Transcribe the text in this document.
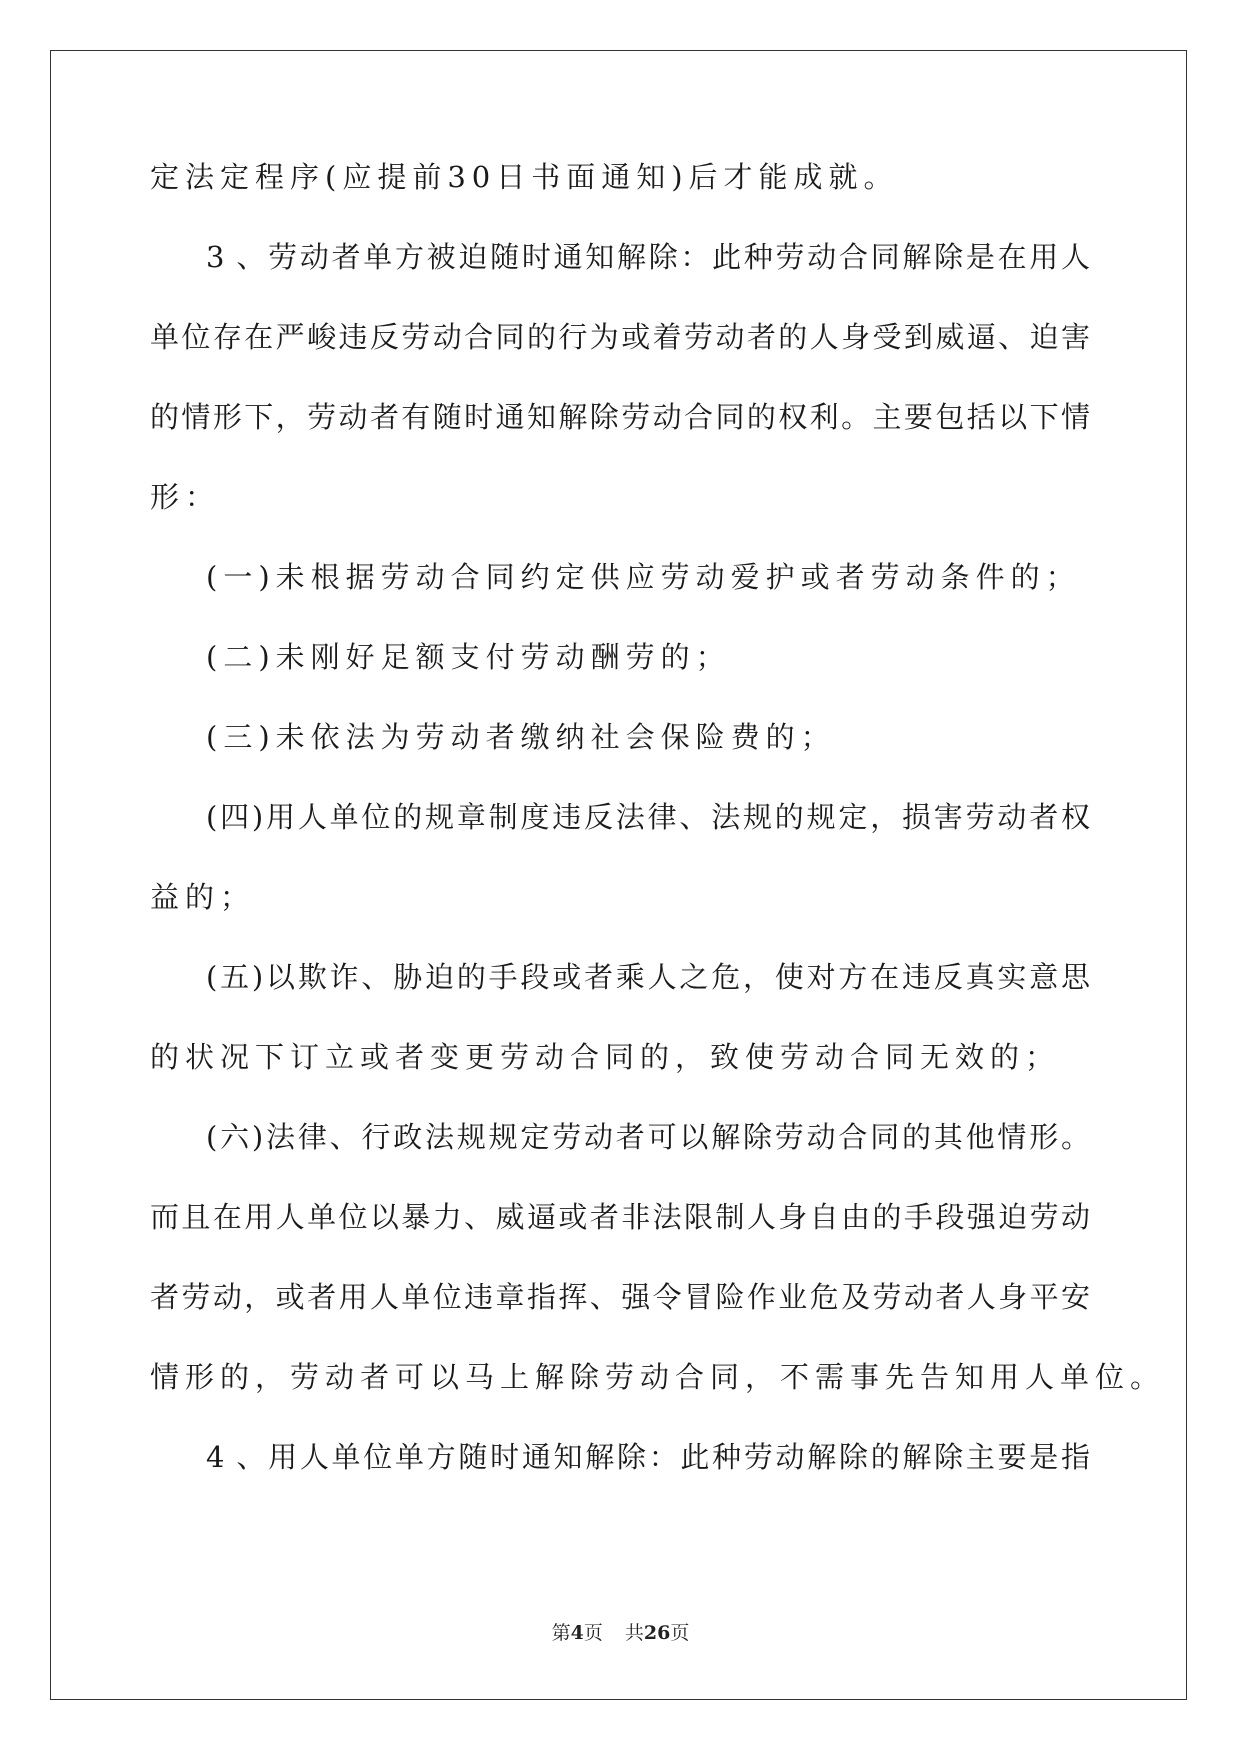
定法定程序(应提前30日书面通知)后才能成就。
3 、劳动者单方被迫随时通知解除：此种劳动合同解除是在用人
单位存在严峻违反劳动合同的行为或着劳动者的人身受到威逼、迫害
的情形下，劳动者有随时通知解除劳动合同的权利。主要包括以下情
形：
(一)未根据劳动合同约定供应劳动爱护或者劳动条件的；
(二)未刚好足额支付劳动酬劳的；
(三)未依法为劳动者缴纳社会保险费的；
(四)用人单位的规章制度违反法律、法规的规定，损害劳动者权
益的；
(五)以欺诈、胁迫的手段或者乘人之危，使对方在违反真实意思
的状况下订立或者变更劳动合同的，致使劳动合同无效的；
(六)法律、行政法规规定劳动者可以解除劳动合同的其他情形。
而且在用人单位以暴力、威逼或者非法限制人身自由的手段强迫劳动
者劳动，或者用人单位违章指挥、强令冒险作业危及劳动者人身平安
情形的，劳动者可以马上解除劳动合同，不需事先告知用人单位。
4 、用人单位单方随时通知解除：此种劳动解除的解除主要是指
第4页 共26页
